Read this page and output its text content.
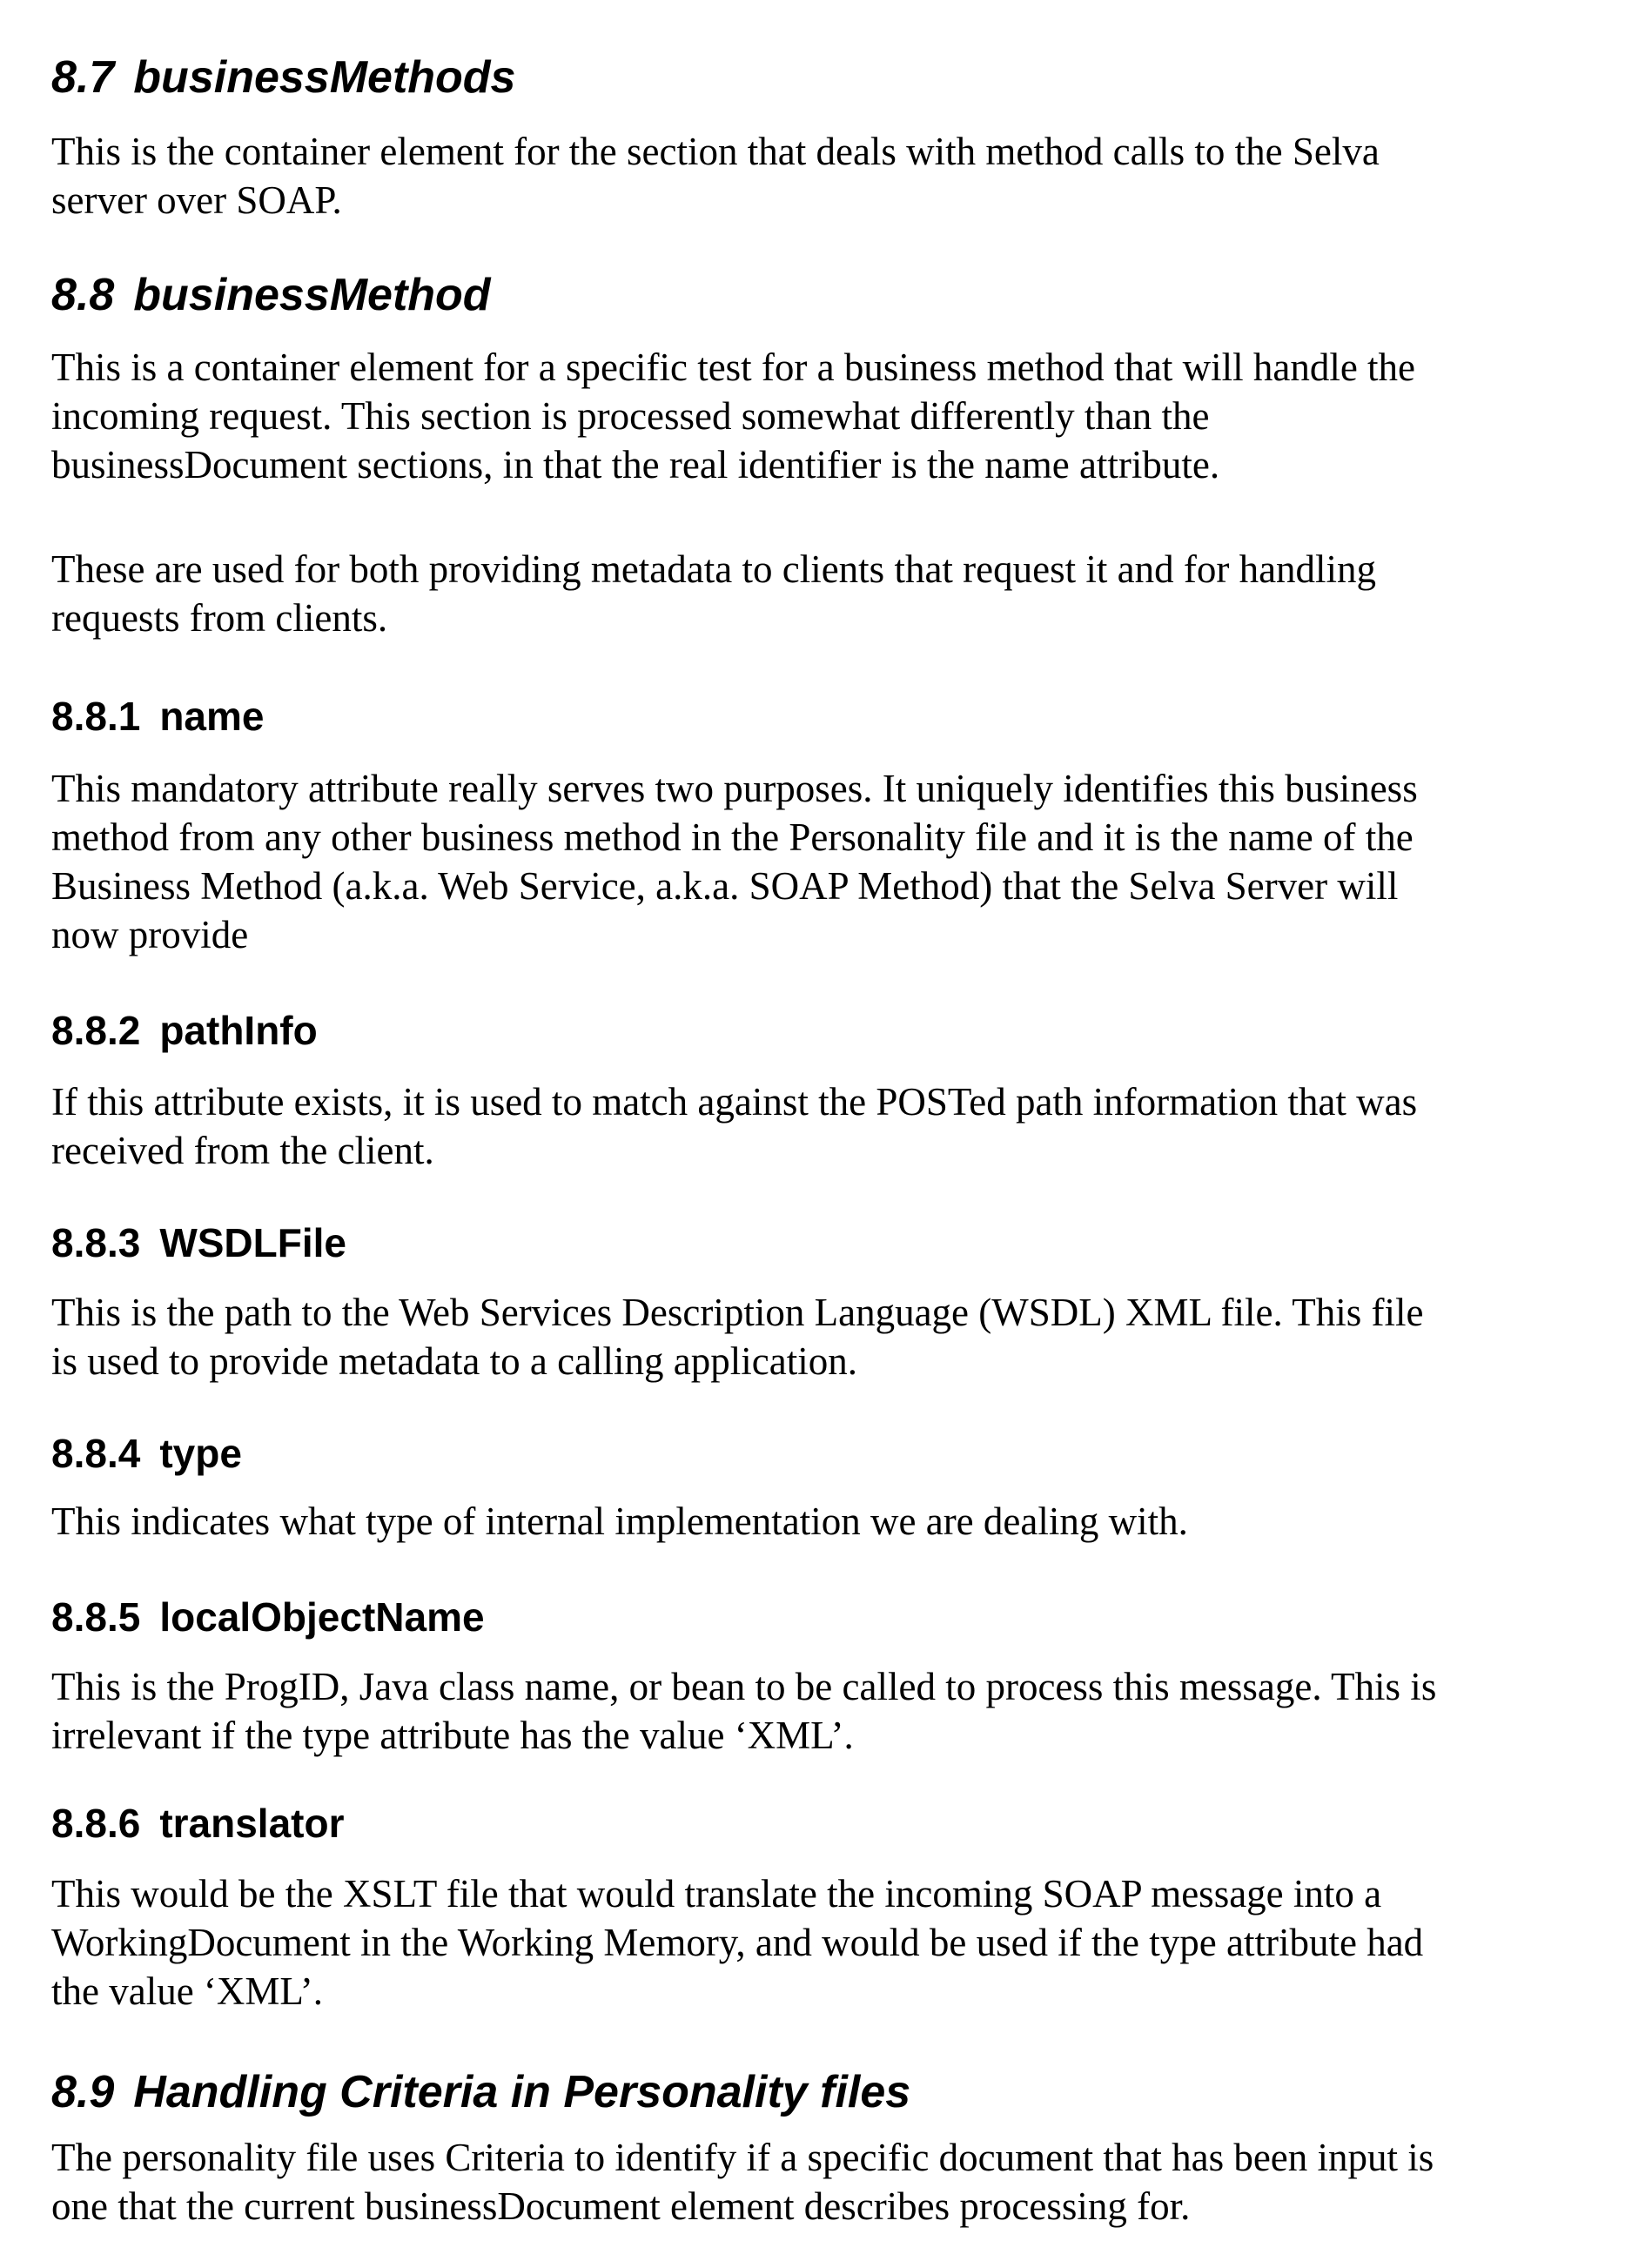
8.7 businessMethods
This is the container element for the section that deals with method calls to the Selva
server over SOAP.
8.8 businessMethod
This is a container element for a specific test for a business method that will handle the
incoming request. This section is processed somewhat differently than the
businessDocument sections, in that the real identifier is the name attribute.
These are used for both providing metadata to clients that request it and for handling
requests from clients.
8.8.1 name
This mandatory attribute really serves two purposes. It uniquely identifies this business
method from any other business method in the Personality file and it is the name of the
Business Method (a.k.a. Web Service, a.k.a. SOAP Method) that the Selva Server will
now provide
8.8.2 pathInfo
If this attribute exists, it is used to match against the POSTed path information that was
received from the client.
8.8.3 WSDLFile
This is the path to the Web Services Description Language (WSDL) XML file. This file
is used to provide metadata to a calling application.
8.8.4 type
This indicates what type of internal implementation we are dealing with.
8.8.5 localObjectName
This is the ProgID, Java class name, or bean to be called to process this message. This is
irrelevant if the type attribute has the value ‘XML’.
8.8.6 translator
This would be the XSLT file that would translate the incoming SOAP message into a
WorkingDocument in the Working Memory, and would be used if the type attribute had
the value ‘XML’.
8.9 Handling Criteria in Personality files
The personality file uses Criteria to identify if a specific document that has been input is
one that the current businessDocument element describes processing for.
